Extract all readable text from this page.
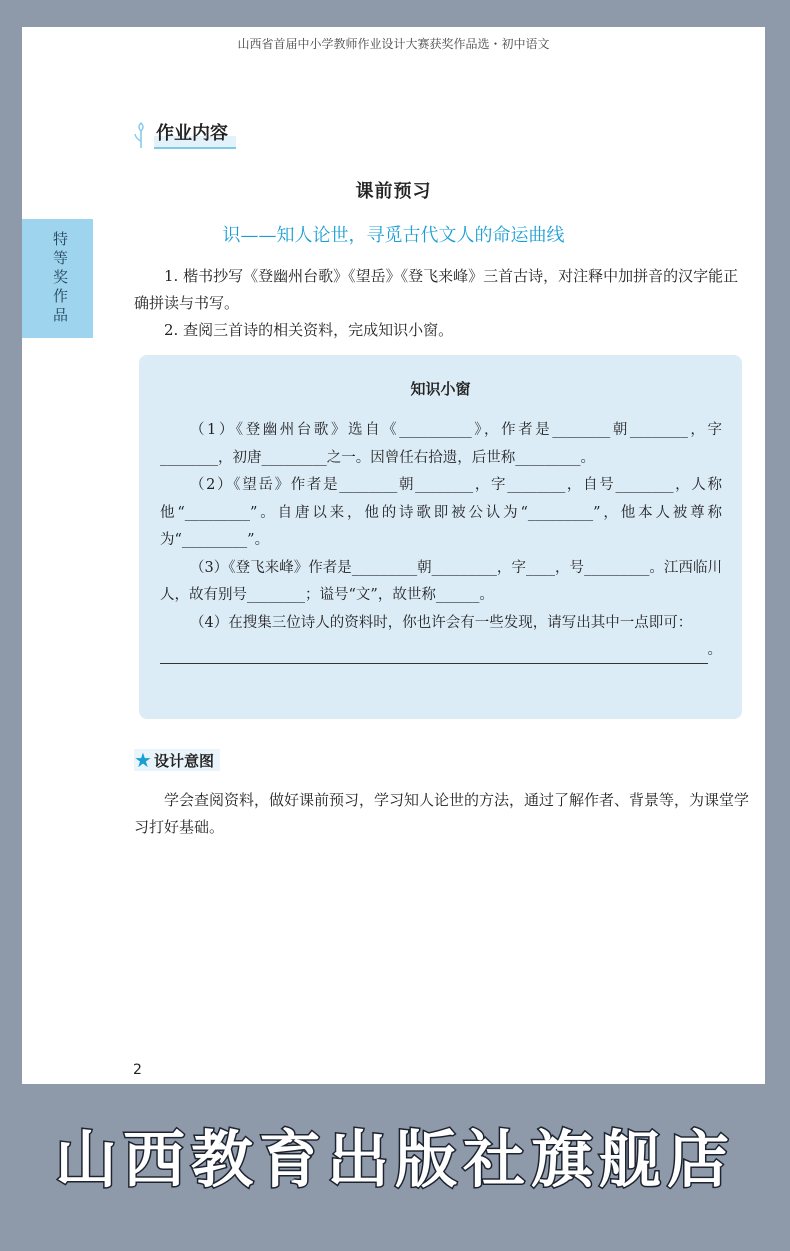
山西省首届中小学教师作业设计大赛获奖作品选・初中语文
作业内容
特等奖作品
课前预习
识——知人论世，寻觅古代文人的命运曲线

1. 楷书抄写《登幽州台歌》《望岳》《登飞来峰》三首古诗，对注释中加拼音的汉字能正确拼读与书写。

2. 查阅三首诗的相关资料，完成知识小窗。

知识小窗

（1）《登幽州台歌》选自《__________》，作者是________朝________，字________，初唐_________之一。因曾任右拾遗，后世称_________。

（2）《望岳》作者是________朝________，字________，自号________，人称他“_________”。自唐以来，他的诗歌即被公认为“_________”，他本人被尊称为“_________”。

（3）《登飞来峰》作者是_________朝_________，字____，号_________。江西临川人，故有别号________；谥号“文”，故世称______。

（4）在搜集三位诗人的资料时，你也许会有一些发现，请写出其中一点即可：

。
★ 设计意图

学会查阅资料，做好课前预习，学习知人论世的方法，通过了解作者、背景等，为课堂学习打好基础。

2
山西教育出版社旗舰店
